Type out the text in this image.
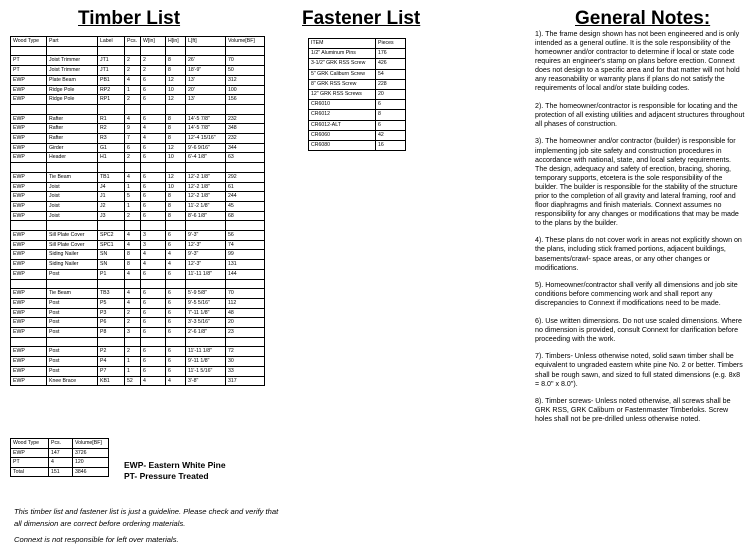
Timber List	Fastener List	General Notes:
Wood Type	Part	Label	Pcs.	W[in]	H[in]	L[ft]	Volume[BF]

PT	Joist Trimmer	JT1	2	2	8	26'	70
PT	Joist Trimmer	JT1	2	2	8	18'-9"	50
EWP	Plate Beam	PB1	4	6	12	13'	312
EWP	Ridge Pole	RP2	1	6	10	20'	100
EWP	Ridge Pole	RP1	2	6	12	13'	156

EWP	Rafter	R1	4	6	8	14'-5 7/8"	232
EWP	Rafter	R2	9	4	8	14'-5 7/8"	348
EWP	Rafter	R3	7	4	8	12'-4 15/16"	232
EWP	Girder	G1	6	6	12	9'-6 9/16"	344
EWP	Header	H1	2	6	10	6'-4 1/8"	63

EWP	Tie Beam	TB1	4	6	12	12'-2 1/8"	292
EWP	Joist	J4	1	6	10	12'-2 1/8"	61
EWP	Joist	J1	5	6	8	12'-2 1/8"	244
EWP	Joist	J2	1	6	8	11'-2 1/8"	45
EWP	Joist	J3	2	6	8	8'-6 1/8"	68

EWP	Sill Plate Cover	SPC2	4	3	6	9'-3"	56
EWP	Sill Plate Cover	SPC1	4	3	6	12'-3"	74
EWP	Siding Nailer	SN	8	4	4	9'-3"	99
EWP	Siding Nailer	SN	8	4	4	12'-3"	131
EWP	Post	P1	4	6	6	11'-11 1/8"	144

EWP	Tie Beam	TB3	4	6	6	5'-9 5/8"	70
EWP	Post	P5	4	6	6	9'-5 5/16"	112
EWP	Post	P3	2	6	6	7'-11 1/8"	48
EWP	Post	P6	2	6	6	3'-3 5/16"	20
EWP	Post	P8	3	6	6	2'-6 1/8"	23

EWP	Post	P2	2	6	6	11'-11 1/8"	72
EWP	Post	P4	1	6	6	9'-11 1/8"	30
EWP	Post	P7	1	6	6	11'-1 5/16"	33
EWP	Knee Brace	KB1	52	4	4	3'-8"	317
ITEM	Pieces
1/2" Aluminum Pins	176
3-1/2" GRK RSS Screw	426
5" GRK Caliburn Screw	54
8" GRK RSS Screw	228
12" GRK RSS Screws	20
CR6010	6
CR6012	8
CR6012-ALT	6
CR6060	42
CR6080	16
Wood Type	Pcs.	Volume[BF]
EWP	147	3726
PT	4	120
Total	151	3846
EWP- Eastern White Pine
PT- Pressure Treated
This timber list and fastener list is just a guideline. Please check and verify that all dimension are correct before ordering materials.
Connext is not responsible for left over materials.

1). The frame design shown has not been engineered and is only intended as a general outline. It is the sole responsibility of the homeowner and/or contractor to determine if local or state code requires an engineer's stamp on plans before erection. Connext does not design to a specific area and for that matter will not hold any reasonability or warranty plans if plans do not satisfy the requirements of local and/or state building codes.

2). The homeowner/contractor is responsible for locating and the protection of all existing utilities and adjacent structures throughout all phases of construction.

3). The homeowner and/or contractor (builder) is responsible for implementing job site safety and construction procedures in accordance with national, state, and local safety requirements. The design, adequacy and safety of erection, bracing, shoring, temporary supports, etcetera is the sole responsibility of the builder. The builder is responsible for the stability of the structure prior to the completion of all gravity and lateral framing, roof and floor diaphragms and finish materials. Connext assumes no responsibility for any changes or modifications that may be made to the plans by the builder.

4). These plans do not cover work in areas not explicitly shown on the plans, including stick framed portions, adjacent buildings, basements/crawl- space areas, or any other changes or modifications.

5). Homeowner/contractor shall verify all dimensions and job site conditions before commencing work and shall report any discrepancies to Connext if modifications need to be made.

6). Use written dimensions. Do not use scaled dimensions. Where no dimension is provided, consult Connext for clarification before proceeding with the work.

7). Timbers- Unless otherwise noted, solid sawn timber shall be equivalent to ungraded eastern white pine No. 2 or better. Timbers shall be rough sawn, and sized to full stated dimensions (e.g. 8x8 = 8.0" x 8.0").

8). Timber screws- Unless noted otherwise, all screws shall be GRK RSS, GRK Caliburn or Fastenmaster Timberloks. Screw holes shall not be pre-drilled unless otherwise noted.
